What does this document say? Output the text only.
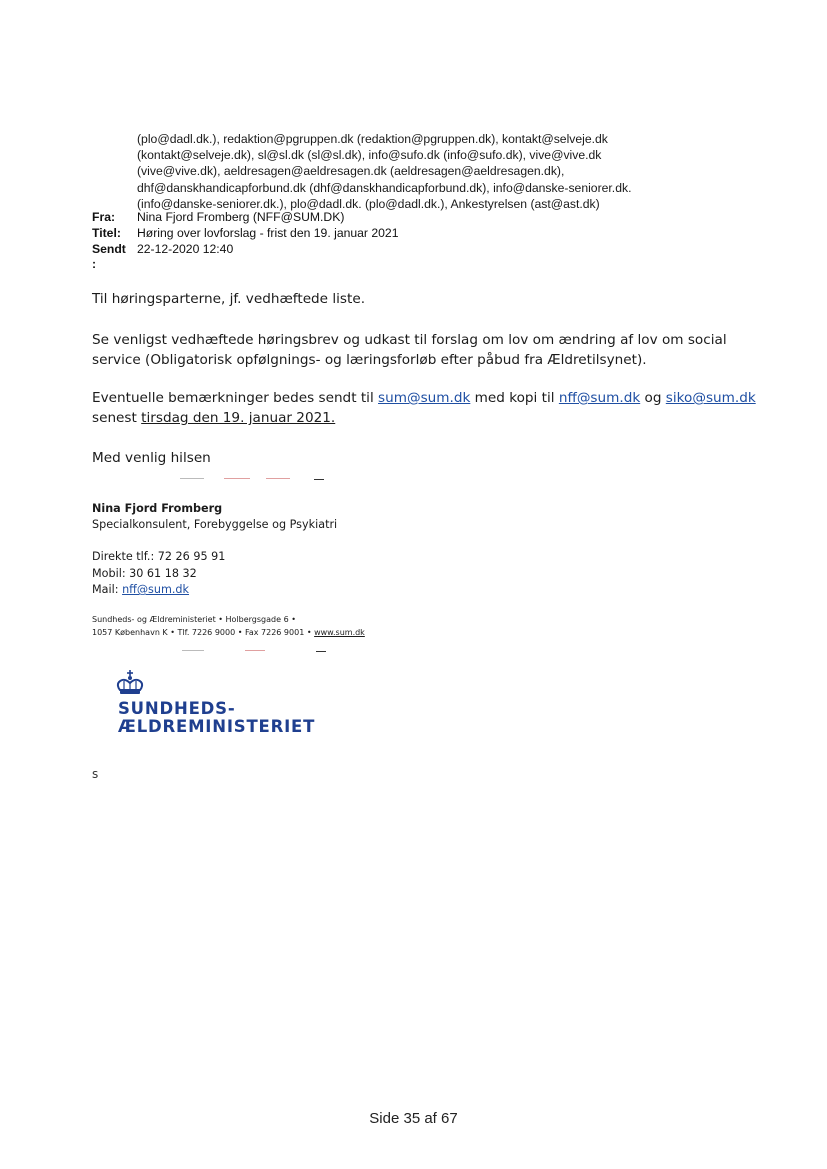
(plo@dadl.dk.), redaktion@pgruppen.dk (redaktion@pgruppen.dk), kontakt@selveje.dk
(kontakt@selveje.dk), sl@sl.dk (sl@sl.dk), info@sufo.dk (info@sufo.dk), vive@vive.dk
(vive@vive.dk), aeldresagen@aeldresagen.dk (aeldresagen@aeldresagen.dk),
dhf@danskhandicapforbund.dk (dhf@danskhandicapforbund.dk), info@danske-seniorer.dk.
(info@danske-seniorer.dk.), plo@dadl.dk. (plo@dadl.dk.), Ankestyrelsen (ast@ast.dk)
Fra: Nina Fjord Fromberg (NFF@SUM.DK)
Titel: Høring over lovforslag - frist den 19. januar 2021
Sendt 22-12-2020 12:40
:
Til høringsparterne, jf. vedhæftede liste.
Se venligst vedhæftede høringsbrev og udkast til forslag om lov om ændring af lov om social
service (Obligatorisk opfølgnings- og læringsforløb efter påbud fra Ældretilsynet).
Eventuelle bemærkninger bedes sendt til sum@sum.dk med kopi til nff@sum.dk og siko@sum.dk
senest tirsdag den 19. januar 2021.
Med venlig hilsen
Nina Fjord Fromberg
Specialkonsulent, Forebyggelse og Psykiatri
Direkte tlf.: 72 26 95 91
Mobil: 30 61 18 32
Mail: nff@sum.dk
Sundheds- og Ældreministeriet • Holbergsgade 6 •
1057 København K • Tlf. 7226 9000 • Fax 7226 9001 • www.sum.dk
SUNDHEDS-
ÆLDREMINISTERIET
s
Side 35 af 67
